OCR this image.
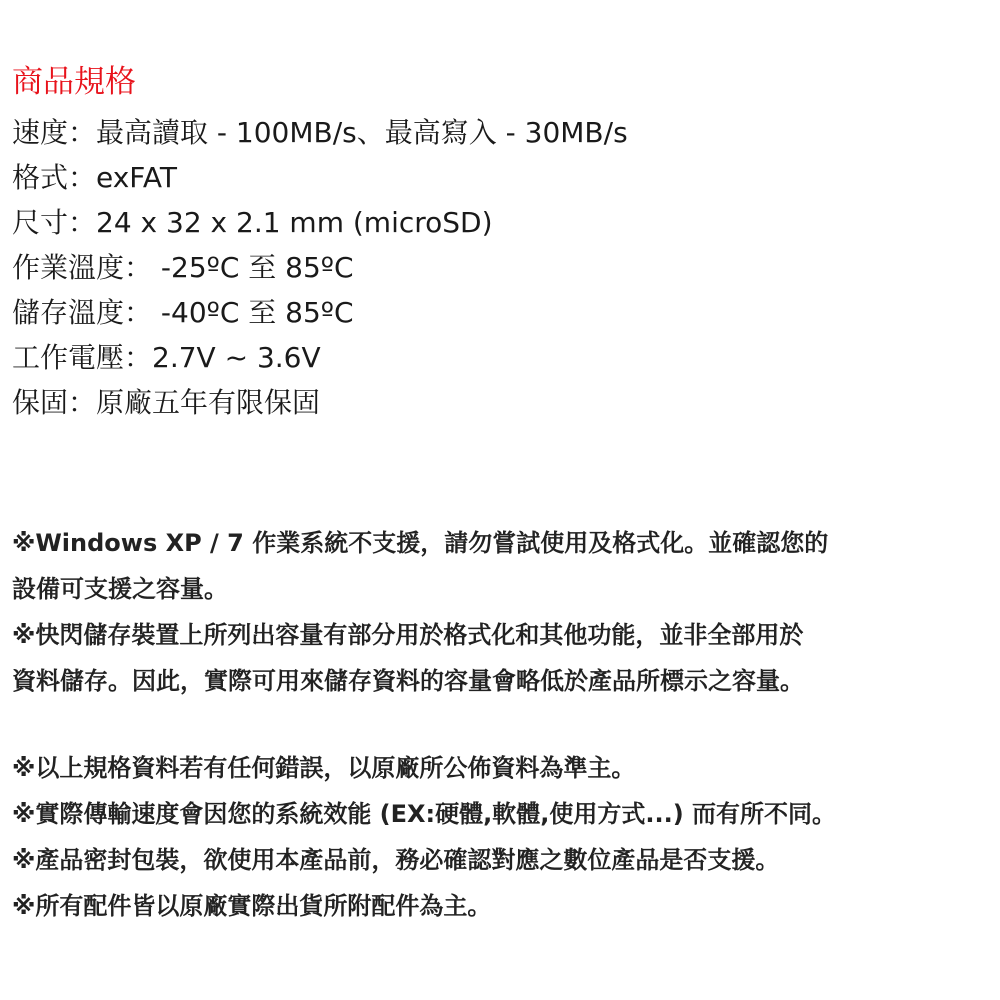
商品規格
速度：最高讀取 - 100MB/s、最高寫入 - 30MB/s
格式：exFAT
尺寸：24 x 32 x 2.1 mm (microSD)
作業溫度： -25ºC 至 85ºC
儲存溫度： -40ºC 至 85ºC
工作電壓：2.7V ~ 3.6V
保固：原廠五年有限保固
※Windows XP / 7 作業系統不支援，請勿嘗試使用及格式化。並確認您的
設備可支援之容量。
※快閃儲存裝置上所列出容量有部分用於格式化和其他功能，並非全部用於
資料儲存。因此，實際可用來儲存資料的容量會略低於產品所標示之容量。
※以上規格資料若有任何錯誤，以原廠所公佈資料為準主。
※實際傳輸速度會因您的系統效能 (EX:硬體,軟體,使用方式...) 而有所不同。
※產品密封包裝，欲使用本產品前，務必確認對應之數位產品是否支援。
※所有配件皆以原廠實際出貨所附配件為主。
